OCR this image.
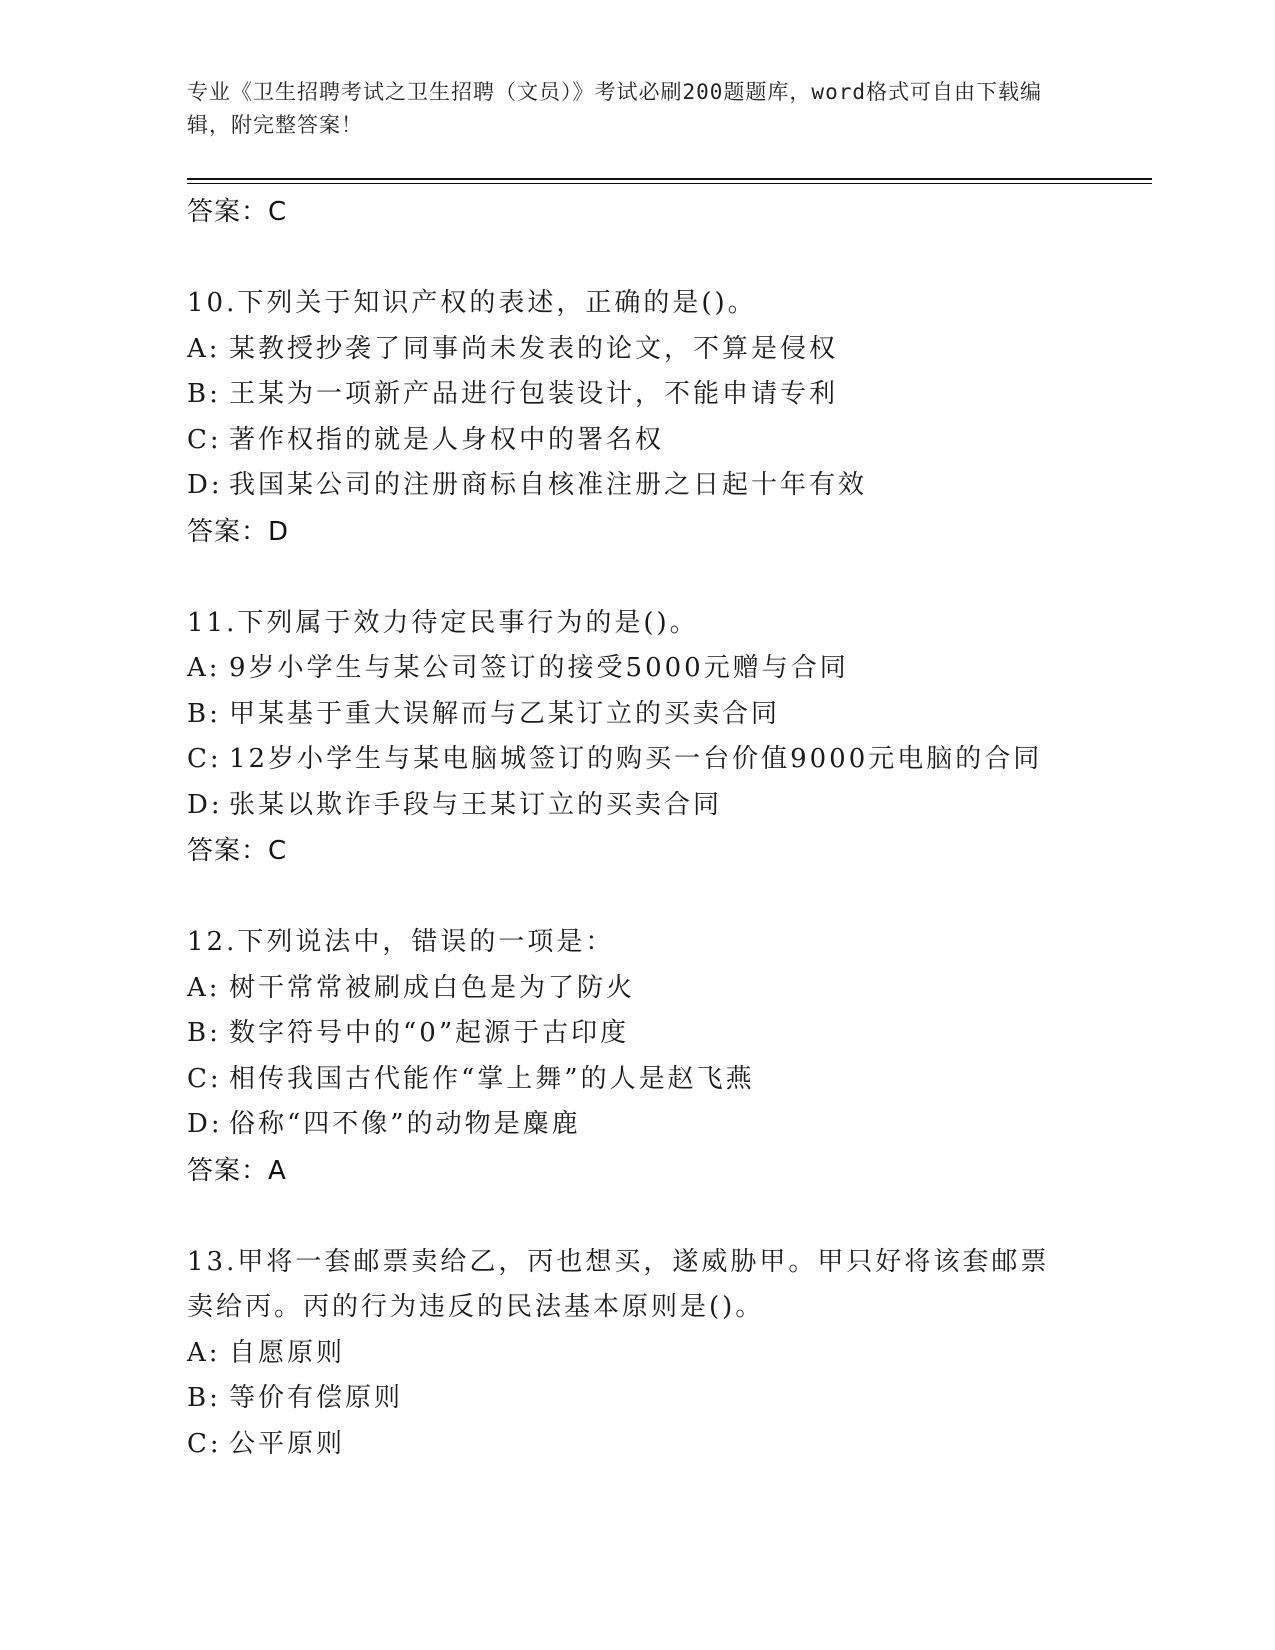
专业《卫生招聘考试之卫生招聘（文员）》考试必刷200题题库，word格式可自由下载编辑，附完整答案！
答案：C
10.下列关于知识产权的表述，正确的是()。
A: 某教授抄袭了同事尚未发表的论文，不算是侵权
B: 王某为一项新产品进行包装设计，不能申请专利
C: 著作权指的就是人身权中的署名权
D: 我国某公司的注册商标自核准注册之日起十年有效
答案：D
11.下列属于效力待定民事行为的是()。
A: 9岁小学生与某公司签订的接受5000元赠与合同
B: 甲某基于重大误解而与乙某订立的买卖合同
C: 12岁小学生与某电脑城签订的购买一台价值9000元电脑的合同
D: 张某以欺诈手段与王某订立的买卖合同
答案：C
12.下列说法中，错误的一项是：
A: 树干常常被刷成白色是为了防火
B: 数字符号中的“0”起源于古印度
C: 相传我国古代能作“掌上舞”的人是赵飞燕
D: 俗称“四不像”的动物是麋鹿
答案：A
13.甲将一套邮票卖给乙，丙也想买，遂威胁甲。甲只好将该套邮票卖给丙。丙的行为违反的民法基本原则是()。
A: 自愿原则
B: 等价有偿原则
C: 公平原则
